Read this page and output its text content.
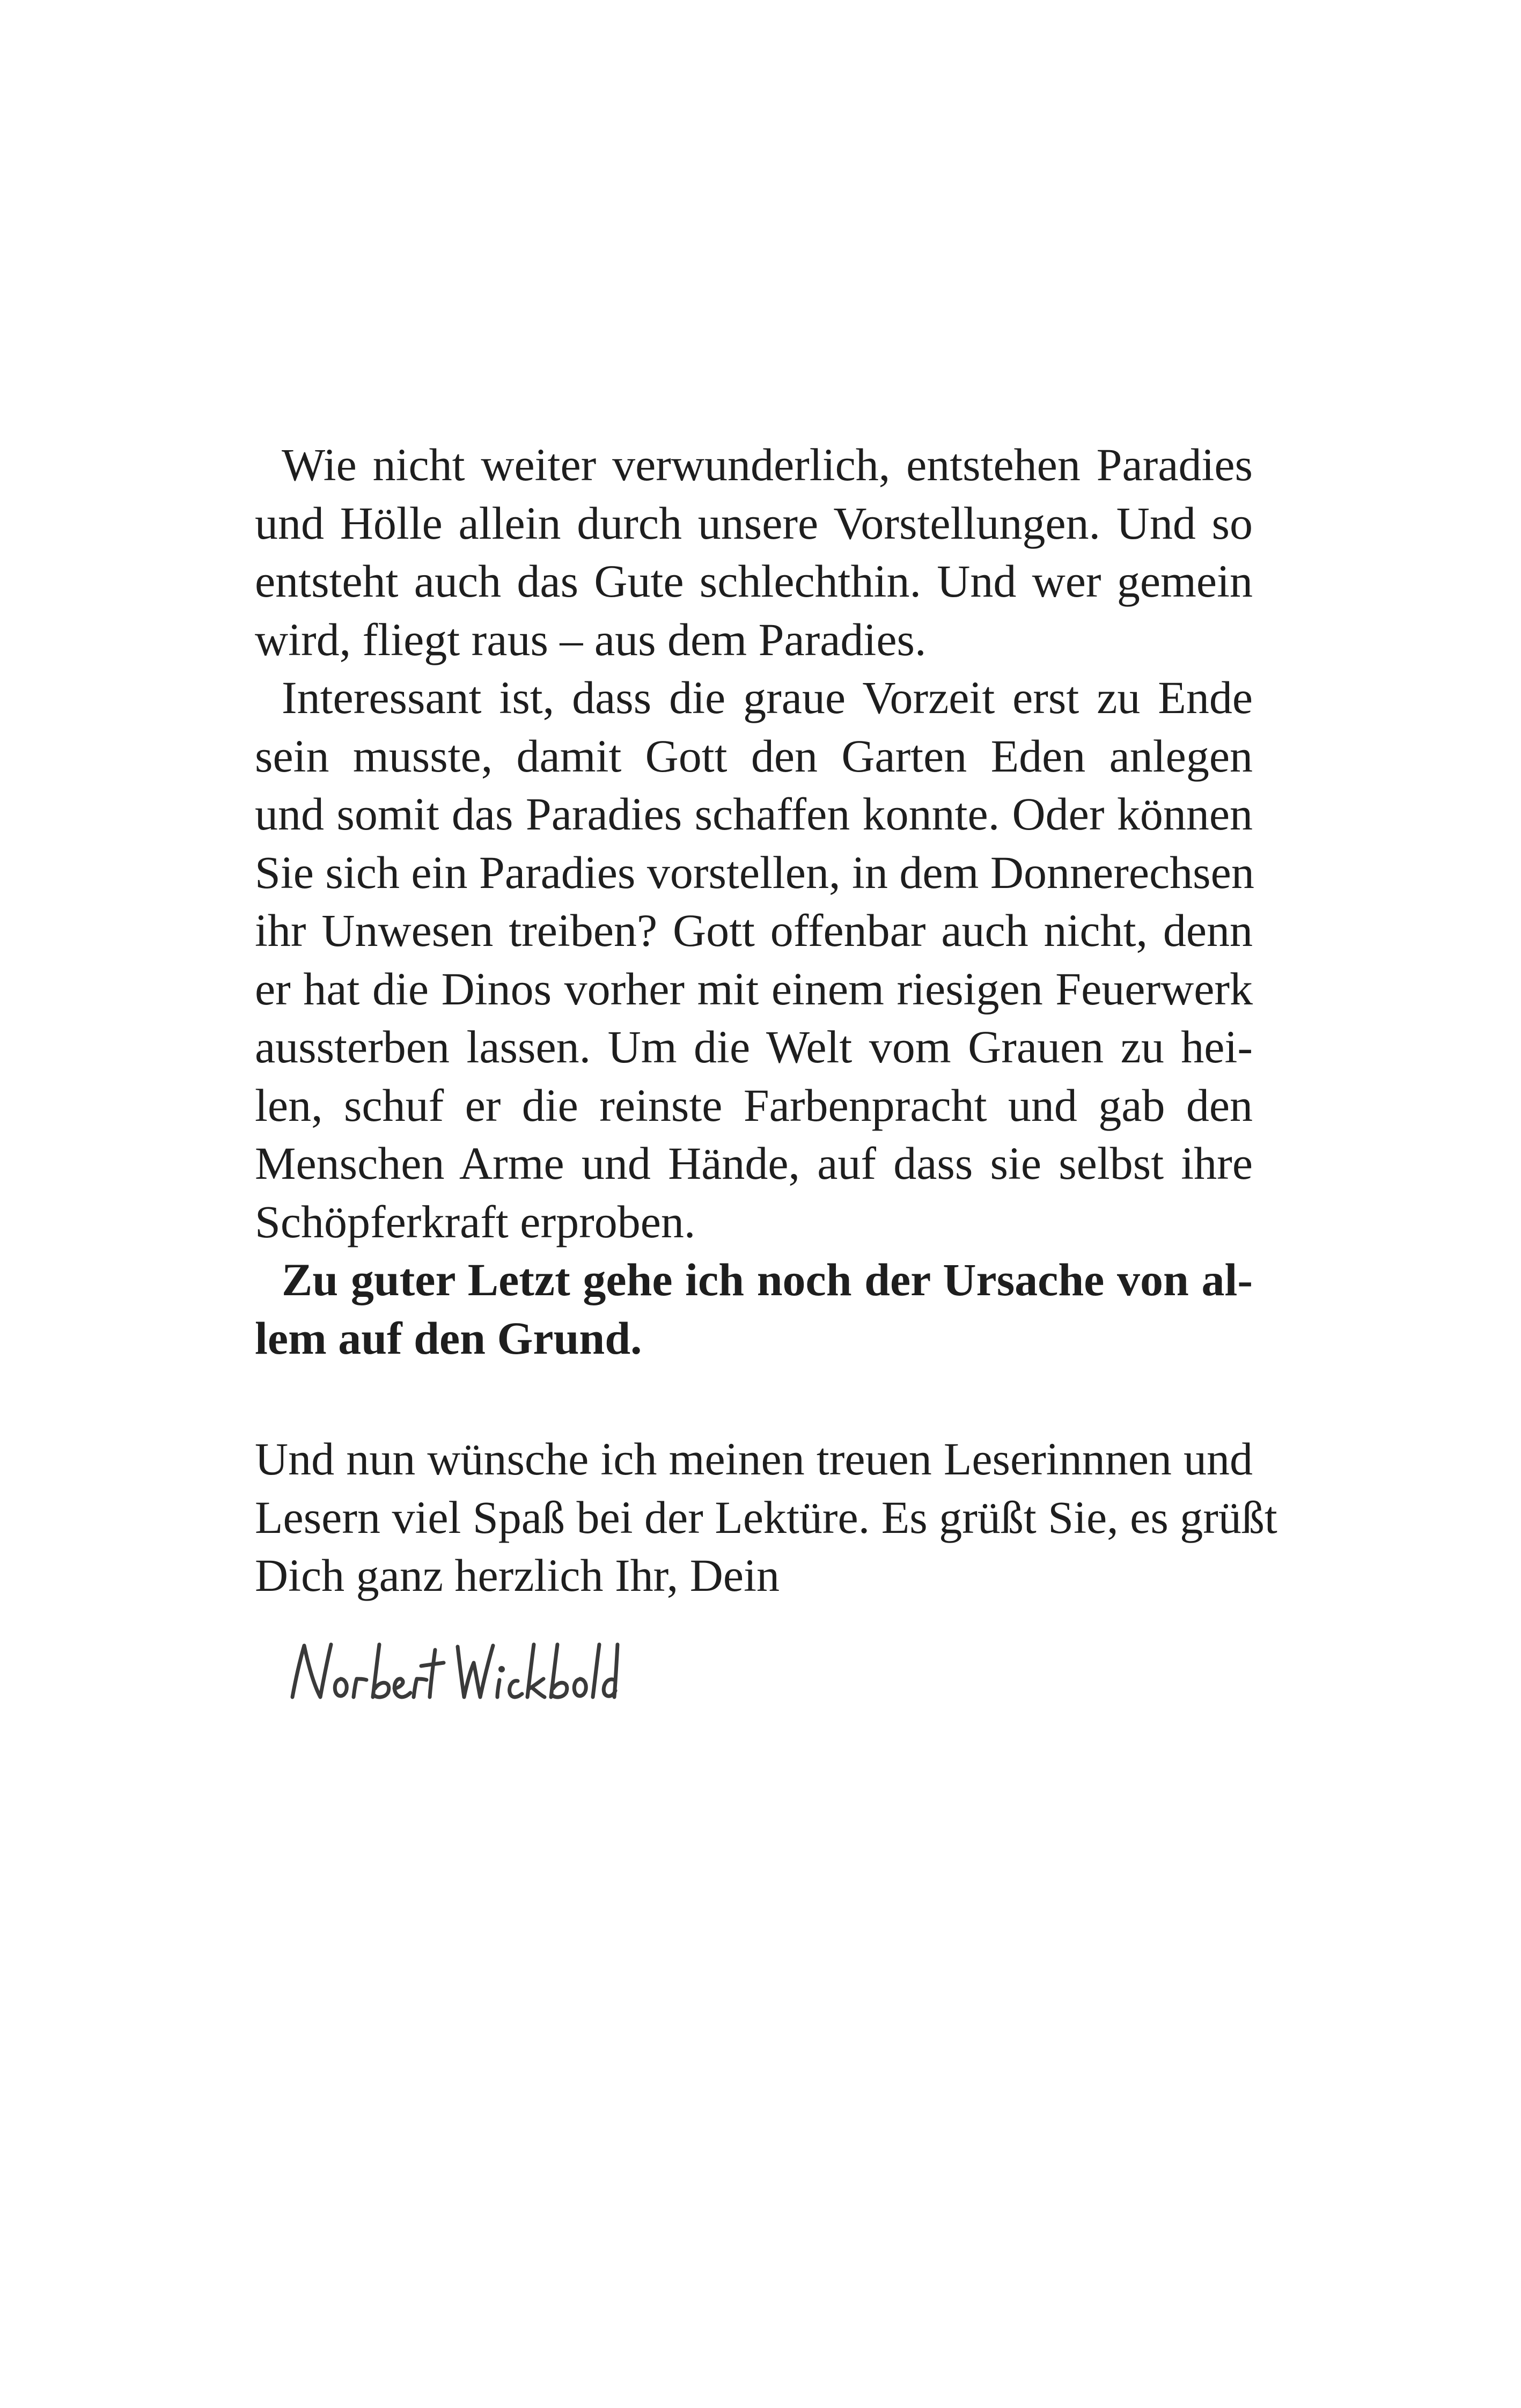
Wie nicht weiter verwunderlich, entstehen Paradies
und Hölle allein durch unsere Vorstellungen. Und so
entsteht auch das Gute schlechthin. Und wer gemein
wird, fliegt raus – aus dem Paradies.
Interessant ist, dass die graue Vorzeit erst zu Ende
sein musste, damit Gott den Garten Eden anlegen
und somit das Paradies schaffen konnte. Oder können
Sie sich ein Paradies vorstellen, in dem Donnerechsen
ihr Unwesen treiben? Gott offenbar auch nicht, denn
er hat die Dinos vorher mit einem riesigen Feuerwerk
aussterben lassen. Um die Welt vom Grauen zu hei-
len, schuf er die reinste Farbenpracht und gab den
Menschen Arme und Hände, auf dass sie selbst ihre
Schöpferkraft erproben.
Zu guter Letzt gehe ich noch der Ursache von al-
lem auf den Grund.
Und nun wünsche ich meinen treuen Leserinnnen und
Lesern viel Spaß bei der Lektüre. Es grüßt Sie, es grüßt
Dich ganz herzlich Ihr, Dein
